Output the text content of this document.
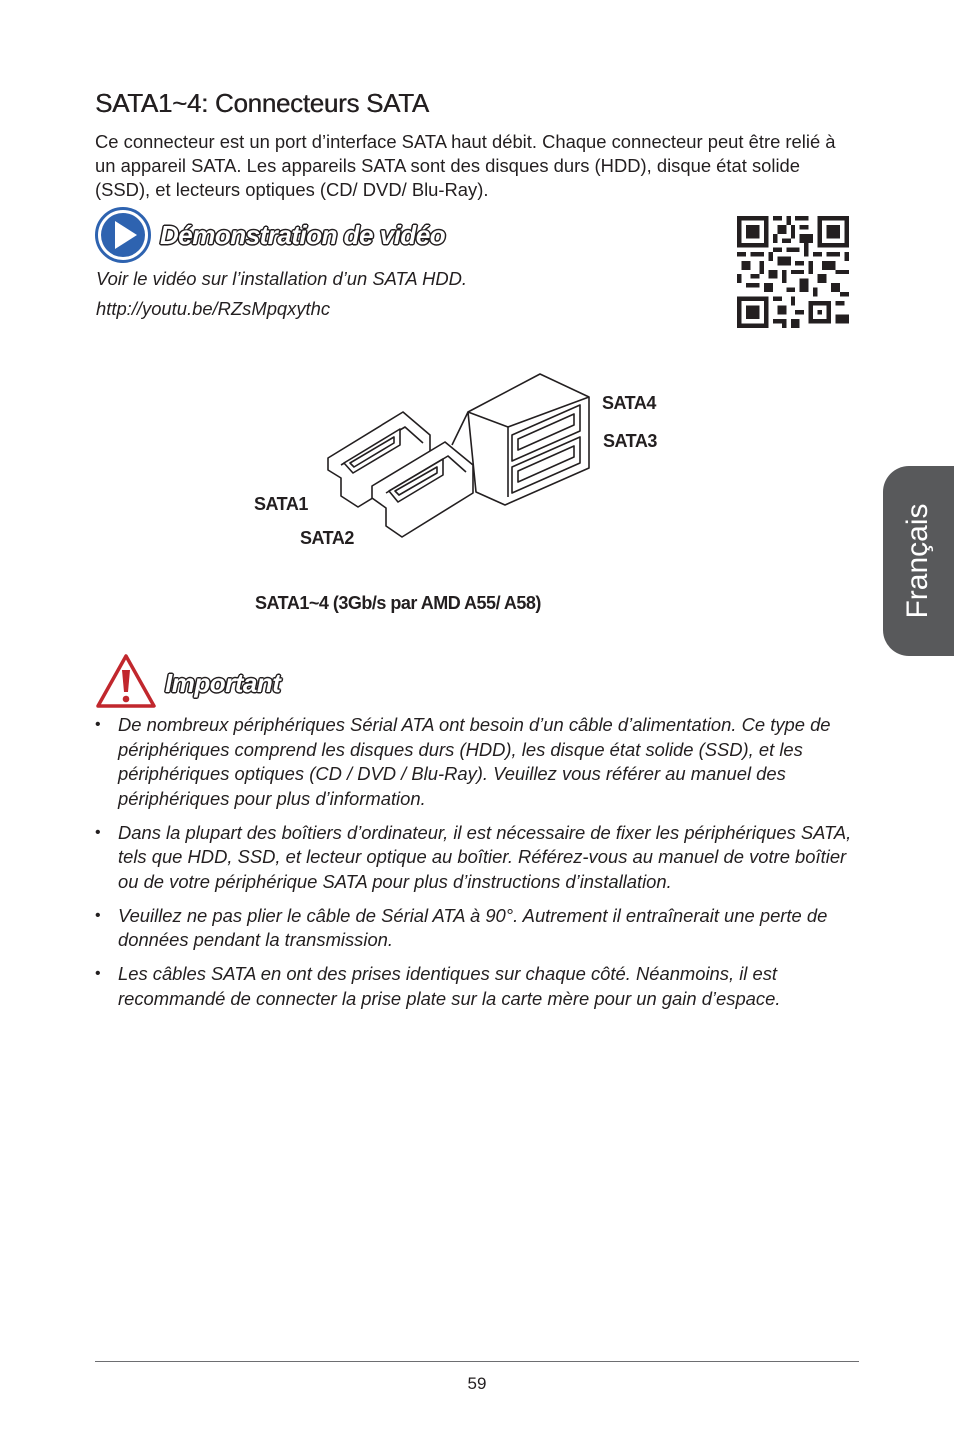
SATA1~4: Connecteurs SATA

Ce connecteur est un port d’interface SATA haut débit. Chaque connecteur peut être relié à un appareil SATA. Les appareils SATA sont des disques durs (HDD), disque état solide (SSD), et lecteurs optiques (CD/ DVD/ Blu-Ray).

Démonstration de vidéo
Voir le vidéo sur l’installation d’un SATA HDD.
http://youtu.be/RZsMpqxythc
SATA4
SATA3
SATA1
SATA2

SATA1~4 (3Gb/s par AMD A55/ A58)	Français
Important
• De nombreux périphériques Sérial ATA ont besoin d’un câble d’alimentation. Ce type de périphériques comprend les disques durs (HDD), les disque état solide (SSD), et les périphériques optiques (CD / DVD / Blu-Ray). Veuillez vous référer au manuel des périphériques pour plus d’information.
• Dans la plupart des boîtiers d’ordinateur, il est nécessaire de fixer les périphériques SATA, tels que HDD, SSD, et lecteur optique au boîtier. Référez-vous au manuel de votre boîtier ou de votre périphérique SATA pour plus d’instructions d’installation.
• Veuillez ne pas plier le câble de Sérial ATA à 90°. Autrement il entraînerait une perte de données pendant la transmission.
• Les câbles SATA en ont des prises identiques sur chaque côté. Néanmoins, il est recommandé de connecter la prise plate sur la carte mère pour un gain d’espace.

59
